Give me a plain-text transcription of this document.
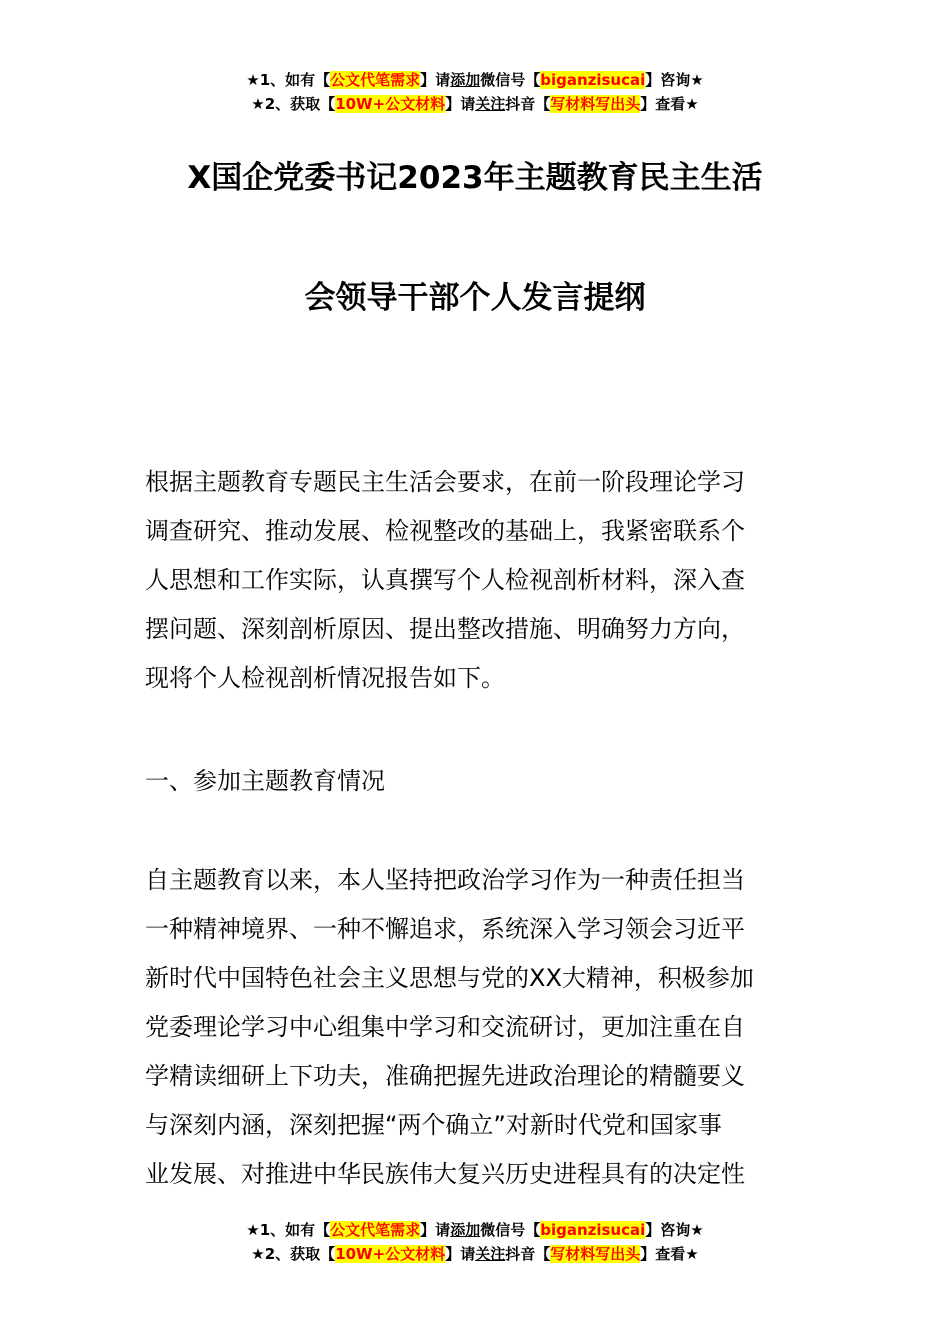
★1、如有【公文代笔需求】请添加微信号【biganzisucai】咨询★
★2、获取【10W+公文材料】请关注抖音【写材料写出头】查看★
X国企党委书记2023年主题教育民主生活
会领导干部个人发言提纲

根据主题教育专题民主生活会要求，在前一阶段理论学习
调查研究、推动发展、检视整改的基础上，我紧密联系个
人思想和工作实际，认真撰写个人检视剖析材料，深入查
摆问题、深刻剖析原因、提出整改措施、明确努力方向，
现将个人检视剖析情况报告如下。

一、参加主题教育情况

自主题教育以来，本人坚持把政治学习作为一种责任担当
一种精神境界、一种不懈追求，系统深入学习领会习近平
新时代中国特色社会主义思想与党的XX大精神，积极参加
党委理论学习中心组集中学习和交流研讨，更加注重在自
学精读细研上下功夫，准确把握先进政治理论的精髓要义
与深刻内涵，深刻把握“两个确立”对新时代党和国家事
业发展、对推进中华民族伟大复兴历史进程具有的决定性

★1、如有【公文代笔需求】请添加微信号【biganzisucai】咨询★
★2、获取【10W+公文材料】请关注抖音【写材料写出头】查看★
